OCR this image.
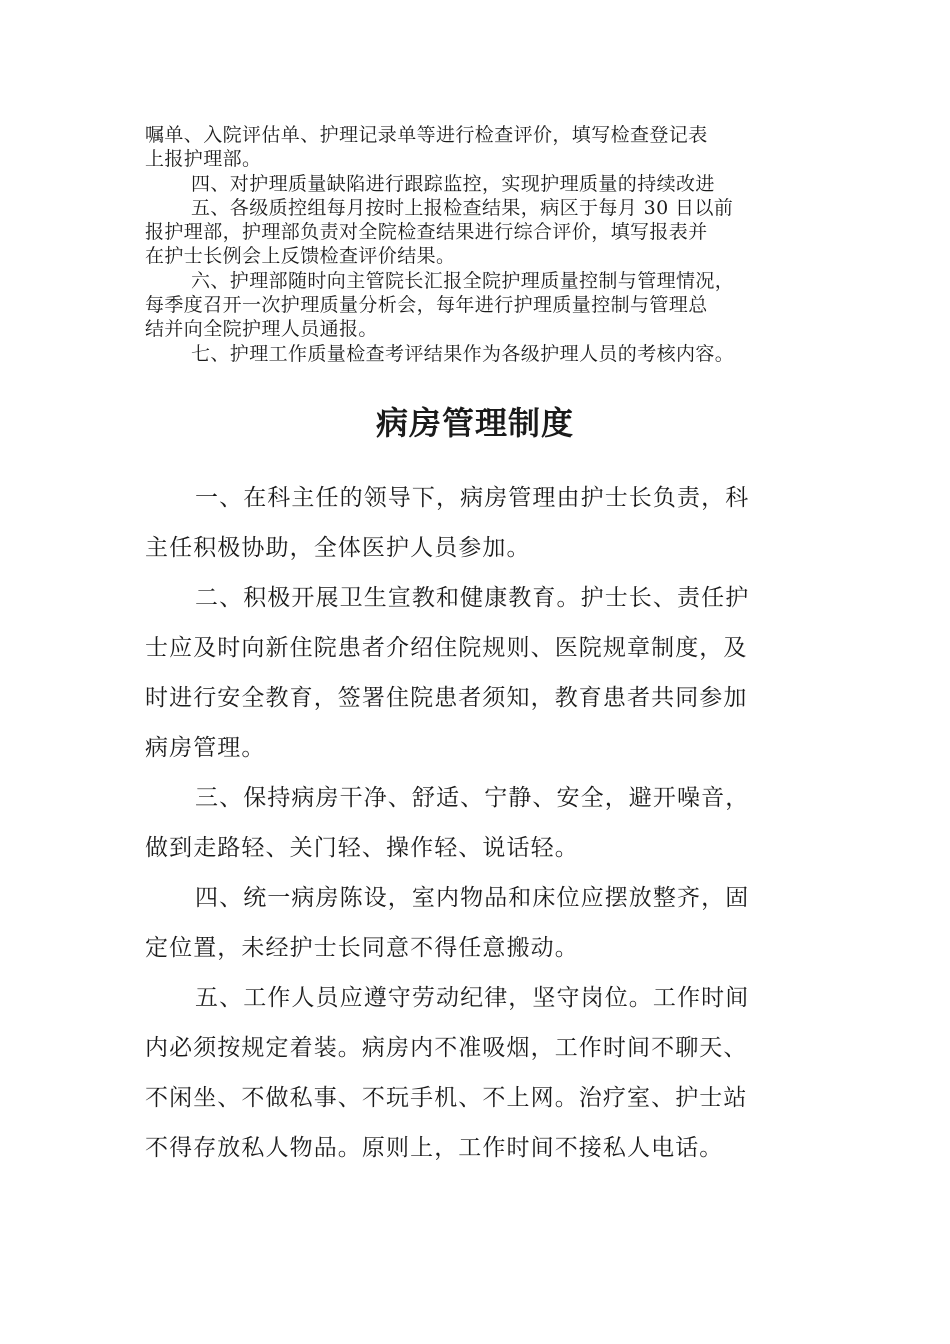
嘱单、入院评估单、护理记录单等进行检查评价，填写检查登记表
上报护理部。
四、对护理质量缺陷进行跟踪监控，实现护理质量的持续改进
五、各级质控组每月按时上报检查结果，病区于每月 30 日以前
报护理部，护理部负责对全院检查结果进行综合评价，填写报表并
在护士长例会上反馈检查评价结果。
六、护理部随时向主管院长汇报全院护理质量控制与管理情况，
每季度召开一次护理质量分析会，每年进行护理质量控制与管理总
结并向全院护理人员通报。
七、护理工作质量检查考评结果作为各级护理人员的考核内容。
病房管理制度
一、在科主任的领导下，病房管理由护士长负责，科
主任积极协助，全体医护人员参加。
二、积极开展卫生宣教和健康教育。护士长、责任护
士应及时向新住院患者介绍住院规则、医院规章制度，及
时进行安全教育，签署住院患者须知，教育患者共同参加
病房管理。
三、保持病房干净、舒适、宁静、安全，避开噪音，
做到走路轻、关门轻、操作轻、说话轻。
四、统一病房陈设，室内物品和床位应摆放整齐，固
定位置，未经护士长同意不得任意搬动。
五、工作人员应遵守劳动纪律，坚守岗位。工作时间
内必须按规定着装。病房内不准吸烟，工作时间不聊天、
不闲坐、不做私事、不玩手机、不上网。治疗室、护士站
不得存放私人物品。原则上，工作时间不接私人电话。
